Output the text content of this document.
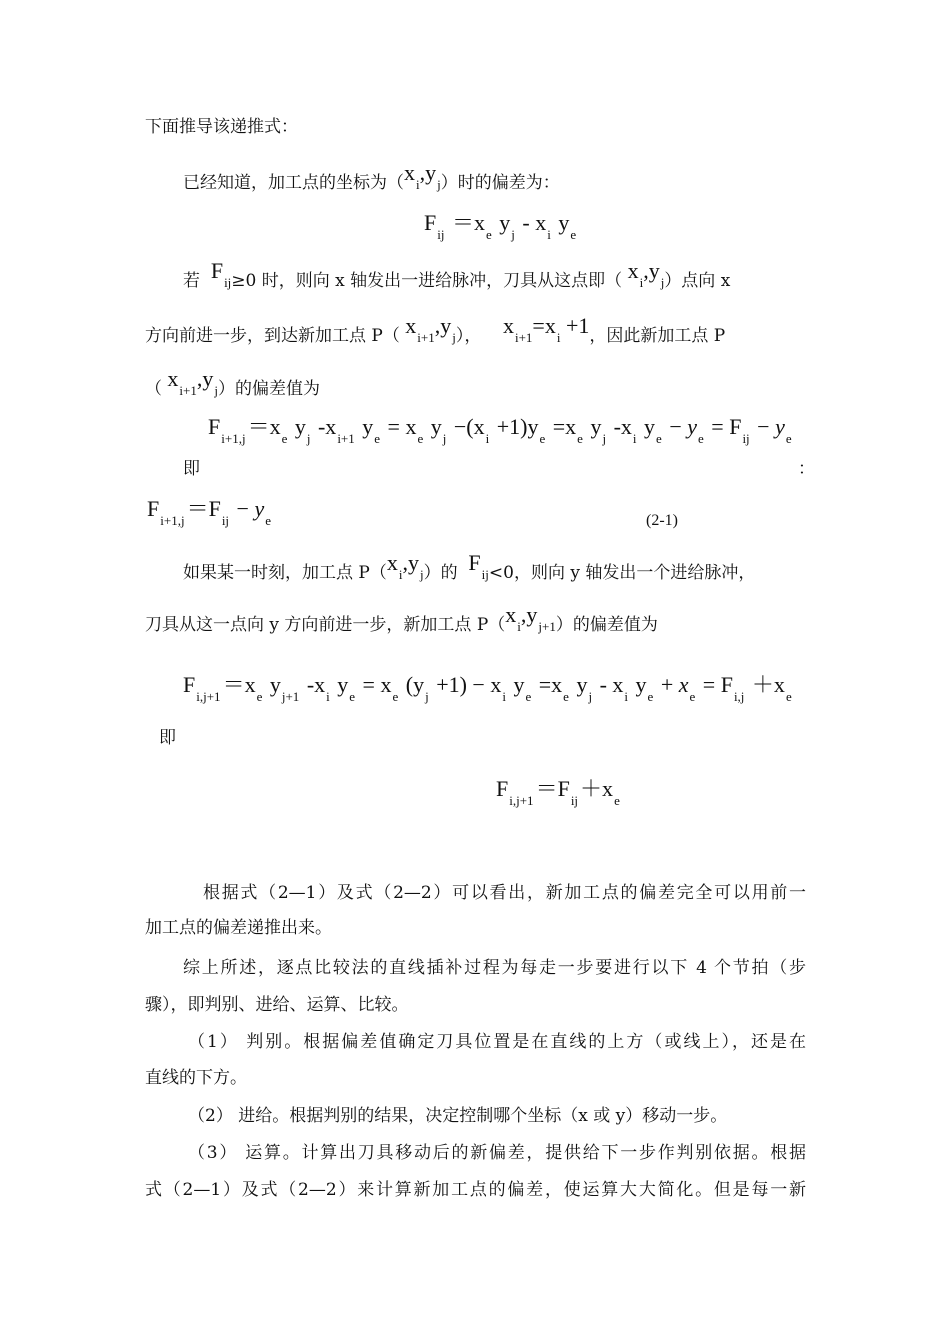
下面推导该递推式：
已经知道，加工点的坐标为$(x_i,y_j)$时的偏差为：
$F_{ij} =x_e$ $y_j - x_i$ $y_e$
若 $F_{ij}\ge 0$ 时，则向 x 轴发出一进给脉冲，刀具从这点即（ $x_i,y_j$）点向 x
方向前进一步，到达新加工点 P（ $x_{i+1},y_j$）， $x_{i+1}=x_i +1$，因此新加工点 P
（ $x_{i+1},y_j$）的偏差值为
$F_{i+1,j}=x_e$ $y_j$ $-x_{i+1}$ $y_e = x_e$ $y_j -(x_i +1)y_e =x_e$ $y_j$ $-x_i$ $y_e - y_e = F_{ij} - y_e$
即	：
$F_{i+1,j}=F_{ij} - y_e$	(2-1)
如果某一时刻，加工点 $P(x_i,y_j)$的 $F_{ij}<0$，则向 y 轴发出一个进给脉冲，
刀具从这一点向 y 方向前进一步，新加工点 $P(x_i,y_{j+1})$的偏差值为
$F_{i,j+1}=x_e$ $y_{j+1}$ $-x_i$ $y_e = x_e$ $(y_j +1) - x_i$ $y_e =x_e$ $y_j - x_i$ $y_e + x_e = F_{i,j} +x_e$
即
$F_{i,j+1}=F_{ij}+x_e$
根据式（2—1）及式（2—2）可以看出，新加工点的偏差完全可以用前一
加工点的偏差递推出来。
综上所述，逐点比较法的直线插补过程为每走一步要进行以下 4 个节拍（步
骤），即判别、进给、运算、比较。
（1） 判别。根据偏差值确定刀具位置是在直线的上方（或线上），还是在
直线的下方。
（2） 进给。根据判别的结果，决定控制哪个坐标（x 或 y）移动一步。
（3） 运算。计算出刀具移动后的新偏差，提供给下一步作判别依据。根据
式（2—1）及式（2—2）来计算新加工点的偏差，使运算大大简化。但是每一新
